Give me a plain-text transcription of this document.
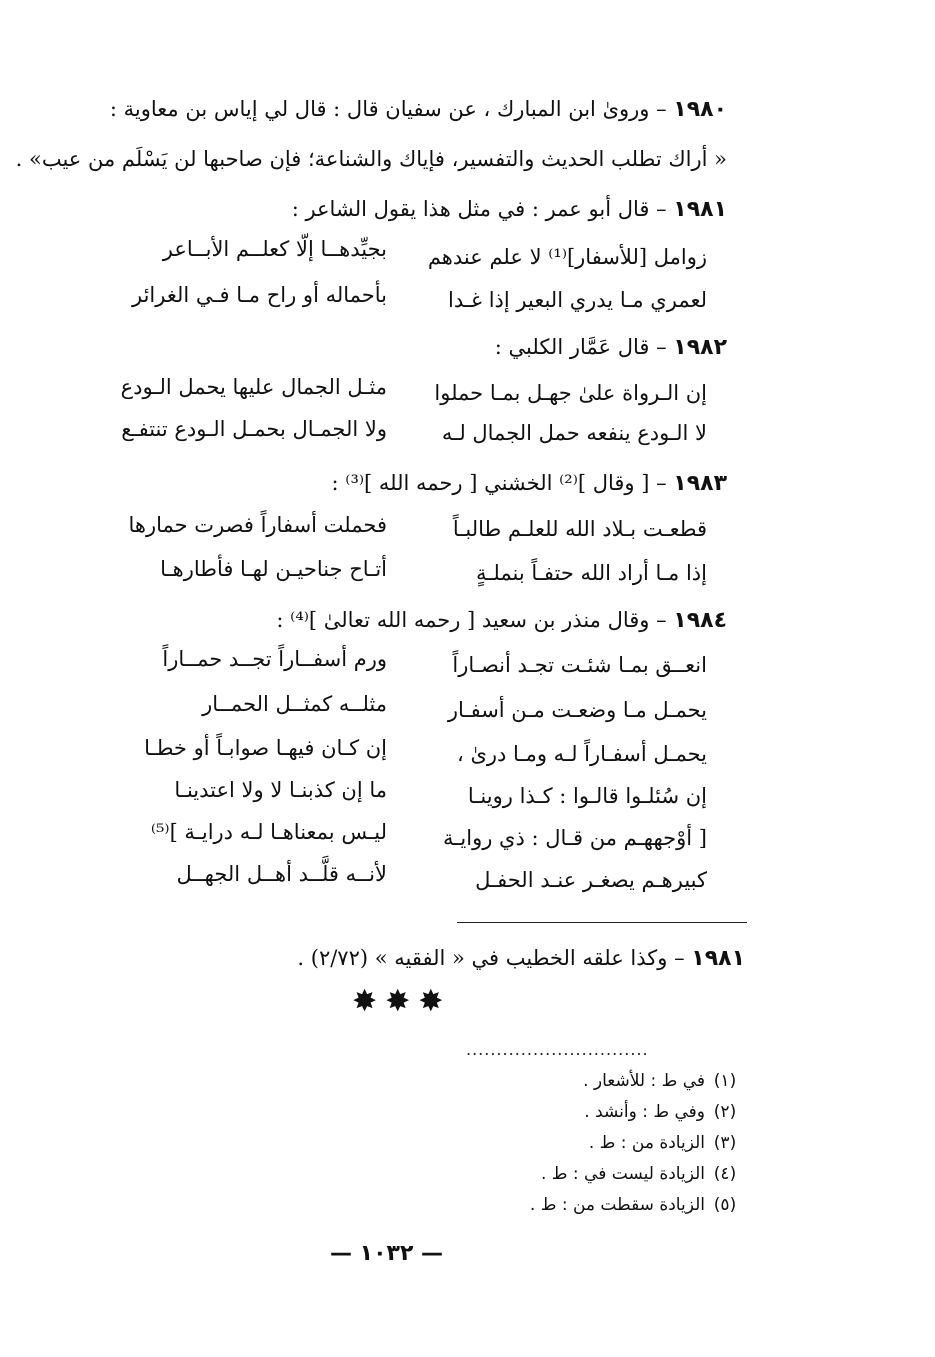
١٩٨٠ – وروىٰ ابن المبارك ، عن سفيان قال : قال لي إياس بن معاوية :
« أراك تطلب الحديث والتفسير، فإياك والشناعة؛ فإن صاحبها لن يَسْلَم من عيب» .
١٩٨١ – قال أبو عمر : في مثل هذا يقول الشاعر :
زوامل [للأسفار]⁽¹⁾ لا علم عندهم
بجيِّدهــا إلّا كعلــم الأبــاعر
لعمري مـا يدري البعير إذا غـدا
بأحماله أو راح مـا فـي الغرائر
١٩٨٢ – قال عَمَّار الكلبي :
إن الـرواة علىٰ جهـل بمـا حملوا
مثـل الجمال عليها يحمل الـودع
لا الـودع ينفعه حمل الجمال لـه
ولا الجمـال بحمـل الـودع تنتفـع
١٩٨٣ – [ وقال ]⁽²⁾ الخشني [ رحمه الله ]⁽³⁾ :
قطعـت بـلاد الله للعلـم طالبـاً
فحملت أسفاراً فصرت حمارها
إذا مـا أراد الله حتفـاً بنملـةٍ
أتـاح جناحيـن لهـا فأطارهـا
١٩٨٤ – وقال منذر بن سعيد [ رحمه الله تعالىٰ ]⁽⁴⁾ :
انعــق بمـا شئـت تجـد أنصـاراً
ورم أسفــاراً تجــد حمــاراً
يحمـل مـا وضعـت مـن أسفـار
مثلــه كمثــل الحمــار
يحمـل أسفـاراً لـه ومـا درىٰ ،
إن كـان فيهـا صوابـاً أو خطـا
إن سُئلـوا قالـوا : كـذا روينـا
ما إن كذبنـا لا ولا اعتدينـا
[ أوْجههـم من قـال : ذي روايـة
ليـس بمعناهـا لـه درايـة ]⁽⁵⁾
كبيرهـم يصغـر عنـد الحفـل
لأنــه قلَّــد أهــل الجهــل
١٩٨١ – وكذا علقه الخطيب في « الفقيه » (٢/٧٢) .
✸✸✸
..............................
(١)في ط : للأشعار .
(٢)وفي ط : وأنشد .
(٣)الزيادة من : ط .
(٤)الزيادة ليست في : ط .
(٥)الزيادة سقطت من : ط .
— ١٠٣٢ —
